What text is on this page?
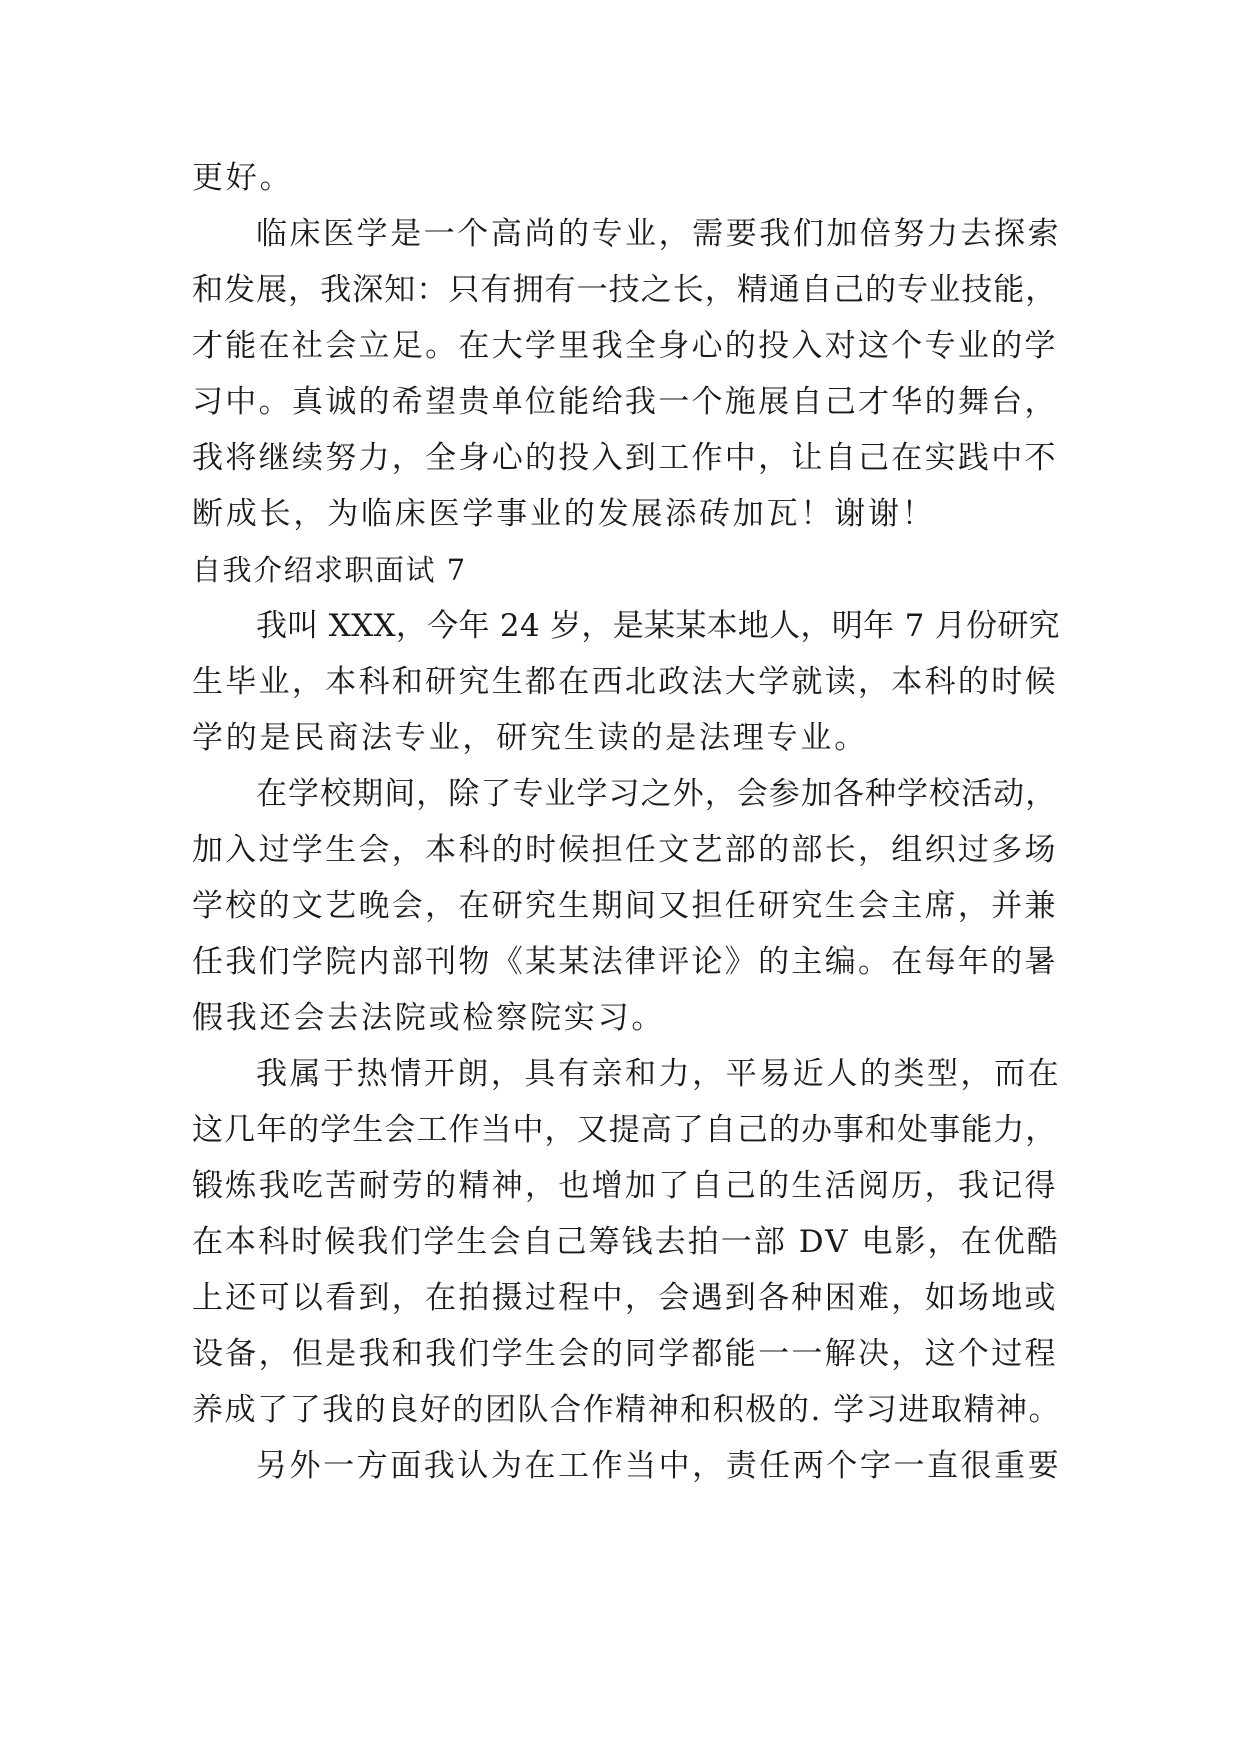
更好。
临床医学是一个高尚的专业，需要我们加倍努力去探索
和发展，我深知：只有拥有一技之长，精通自己的专业技能，
才能在社会立足。在大学里我全身心的投入对这个专业的学
习中。真诚的希望贵单位能给我一个施展自己才华的舞台，
我将继续努力，全身心的投入到工作中，让自己在实践中不
断成长，为临床医学事业的发展添砖加瓦！谢谢！
自我介绍求职面试 7
我叫 XXX，今年 24 岁，是某某本地人，明年 7 月份研究
生毕业，本科和研究生都在西北政法大学就读，本科的时候
学的是民商法专业，研究生读的是法理专业。
在学校期间，除了专业学习之外，会参加各种学校活动，
加入过学生会，本科的时候担任文艺部的部长，组织过多场
学校的文艺晚会，在研究生期间又担任研究生会主席，并兼
任我们学院内部刊物《某某法律评论》的主编。在每年的暑
假我还会去法院或检察院实习。
我属于热情开朗，具有亲和力，平易近人的类型，而在
这几年的学生会工作当中，又提高了自己的办事和处事能力，
锻炼我吃苦耐劳的精神，也增加了自己的生活阅历，我记得
在本科时候我们学生会自己筹钱去拍一部 DV 电影，在优酷
上还可以看到，在拍摄过程中，会遇到各种困难，如场地或
设备，但是我和我们学生会的同学都能一一解决，这个过程
养成了了我的良好的团队合作精神和积极的. 学习进取精神。
另外一方面我认为在工作当中，责任两个字一直很重要
